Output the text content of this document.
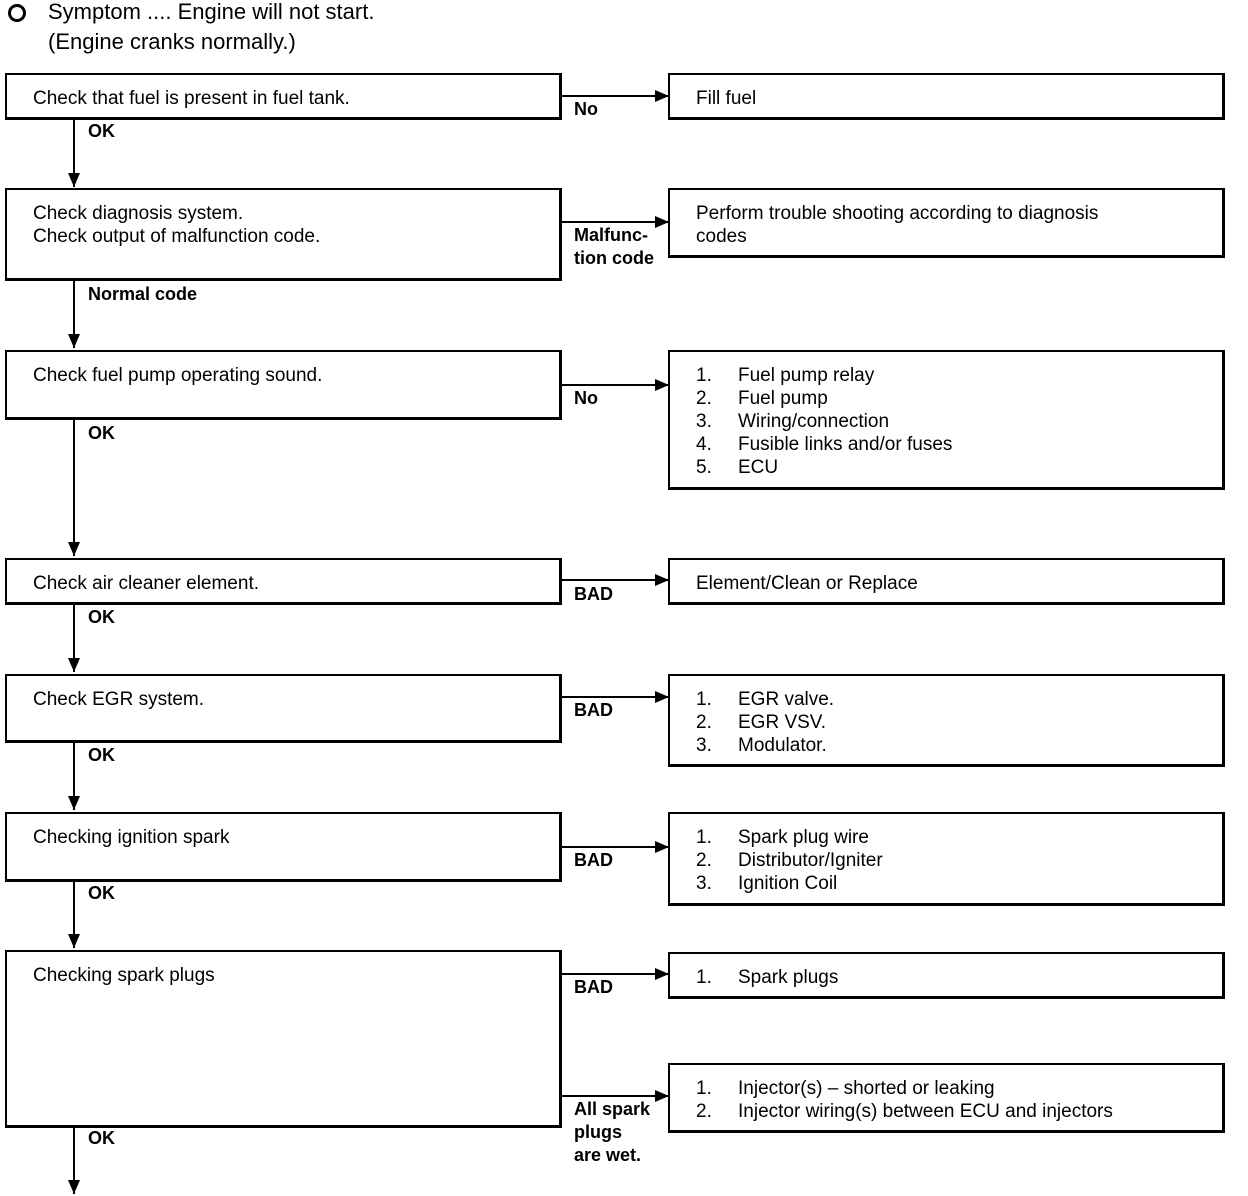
Symptom .... Engine will not start.
(Engine cranks normally.)
Check that fuel is present in fuel tank.
Check diagnosis system.
Check output of malfunction code.
Check fuel pump operating sound.
Check air cleaner element.
Check EGR system.
Checking ignition spark
Checking spark plugs
Fill fuel
Perform trouble shooting according to diagnosis
codes
1. Fuel pump relay
2. Fuel pump
3. Wiring/connection
4. Fusible links and/or fuses
5. ECU
Element/Clean or Replace
1. EGR valve.
2. EGR VSV.
3. Modulator.
1. Spark plug wire
2. Distributor/Igniter
3. Ignition Coil
1. Spark plugs
1. Injector(s) – shorted or leaking
2. Injector wiring(s) between ECU and injectors
No
Malfunc-
tion code
No
BAD
BAD
BAD
BAD
All spark
plugs
are wet.
OK
Normal code
OK
OK
OK
OK
OK
